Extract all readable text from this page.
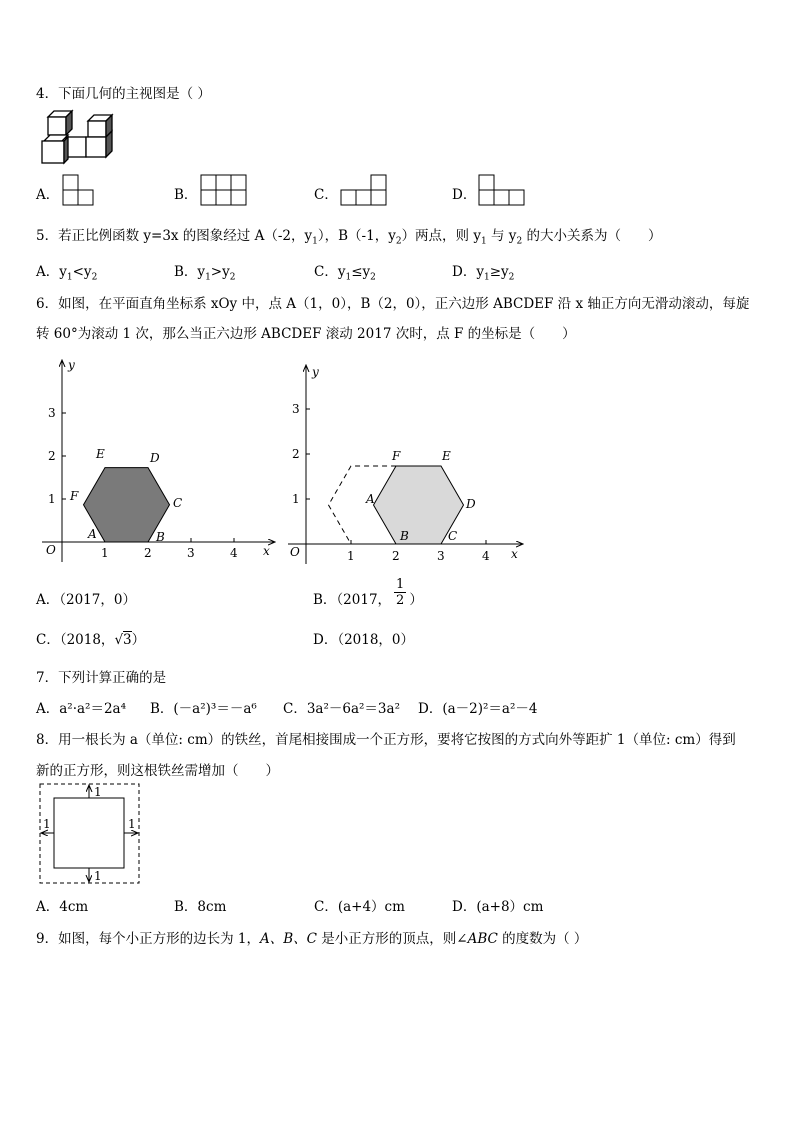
4．下面几何的主视图是（ ）
A．	B．	C．	D．
5．若正比例函数 y=3x 的图象经过 A（-2，$y_1$），B（-1，$y_2$）两点，则 $y_1$ 与 $y_2$ 的大小关系为（　　）
A．$y_1<y_2$	B．$y_1>y_2$	C．$y_1\le y_2$	D．$y_1\ge y_2$
6．如图，在平面直角坐标系 xOy 中，点 A（1，0），B（2，0），正六边形 ABCDEF 沿 x 轴正方向无滑动滚动，每旋
转 60°为滚动 1 次，那么当正六边形 ABCDEF 滚动 2017 次时，点 F 的坐标是（　　）
x
y
O	1	2	3	4
1
2
3
A	B
C
D
E
F
x
y
O	1	2	3	4
1
2
3
A
B	C
D
E
F
A．（2017，0）	B．（2017， $\frac{1}{2}$ ）
C．（2018，√3）	D．（2018，0）
7．下列计算正确的是
A．a²·a²＝2a⁴ B．(－a²)³＝－a⁶ C．3a²－6a²＝3a² D．(a－2)²＝a²－4
8．用一根长为 a（单位: cm）的铁丝，首尾相接围成一个正方形，要将它按图的方式向外等距扩 1（单位: cm）得到
新的正方形，则这根铁丝需增加（　　）
1
1
1	1
A．4cm	B．8cm	C．(a+4）cm	D．(a+8）cm
9．如图，每个小正方形的边长为 1，A、B、C 是小正方形的顶点，则∠ABC 的度数为（ ）
